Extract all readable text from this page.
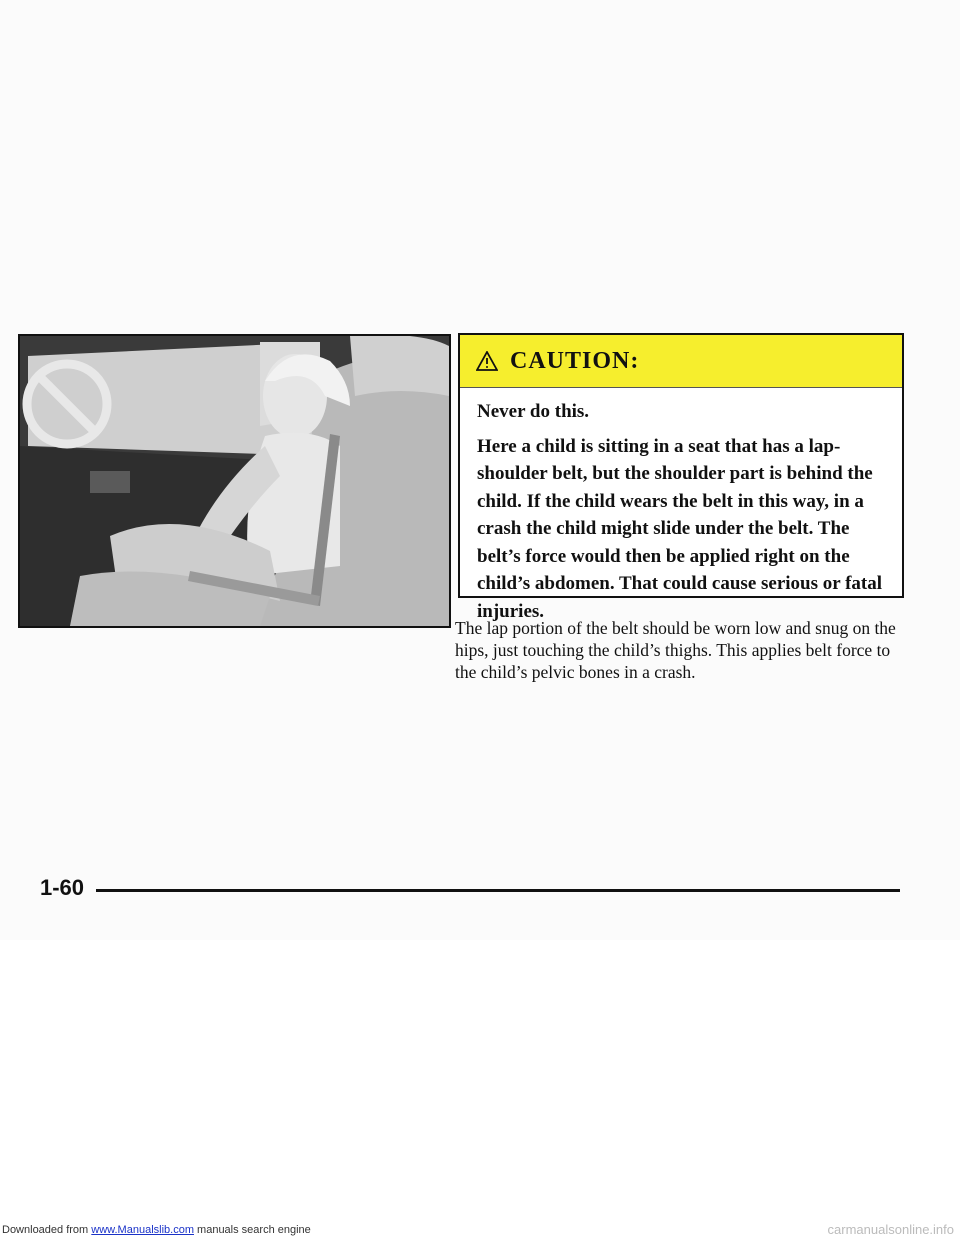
CAUTION:

Never do this.

Here a child is sitting in a seat that has a lap-shoulder belt, but the shoulder part is behind the child. If the child wears the belt in this way, in a crash the child might slide under the belt. The belt’s force would then be applied right on the child’s abdomen. That could cause serious or fatal injuries.

The lap portion of the belt should be worn low and snug on the hips, just touching the child’s thighs. This applies belt force to the child’s pelvic bones in a crash.

1-60
Downloaded from www.Manualslib.com manuals search engine	carmanualsonline.info
